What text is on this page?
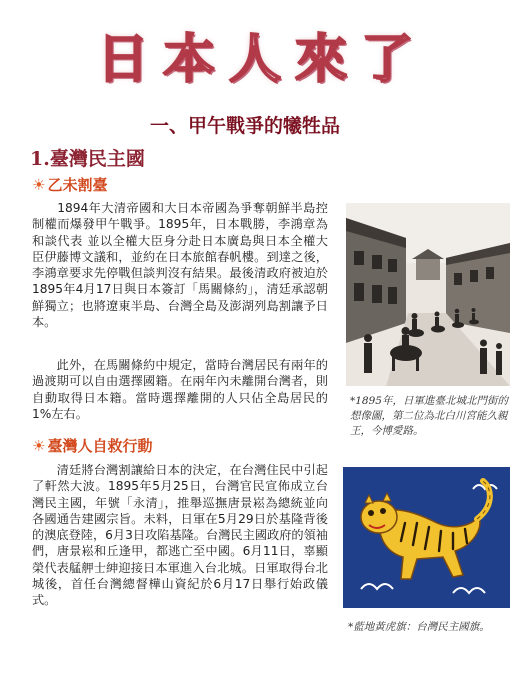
日本人來了
一、甲午戰爭的犧牲品
1.臺灣民主國
☀ 乙未割臺

　　1894年大清帝國和大日本帝國為爭奪朝鮮半島控制權而爆發甲午戰爭。1895年，日本戰勝，李鴻章為和談代表 並以全權大臣身分赴日本廣島與日本全權大臣伊藤博文議和，並約在日本旅館春帆樓。到達之後，李鴻章要求先停戰但談判沒有結果。最後清政府被迫於1895年4月17日與日本簽訂「馬關條約」，清廷承認朝鮮獨立；也將遼東半島、台灣全島及澎湖列島割讓予日本。

　　此外，在馬關條約中規定，當時台灣居民有兩年的過渡期可以自由選擇國籍。在兩年內未離開台灣者，則自動取得日本籍。當時選擇離開的人只佔全島居民的1%左右。

☀ 臺灣人自救行動

　　清廷將台灣割讓給日本的決定，在台灣住民中引起了軒然大波。1895年5月25日，台灣官民宣佈成立台灣民主國，年號「永清」，推舉巡撫唐景崧為總統並向各國通告建國宗旨。未料，日軍在5月29日於基隆背後的澳底登陸，6月3日攻陷基隆。台灣民主國政府的領袖們，唐景崧和丘逢甲，都逃亡至中國。6月11日，辜顯榮代表艋舺士紳迎接日本軍進入台北城。日軍取得台北城後，首任台灣總督樺山資紀於6月17日舉行始政儀式。

*1895年，日軍進臺北城北門街的想像圖，第二位為北白川宮能久親王，今博愛路。
*藍地黃虎旗：台灣民主國旗。
